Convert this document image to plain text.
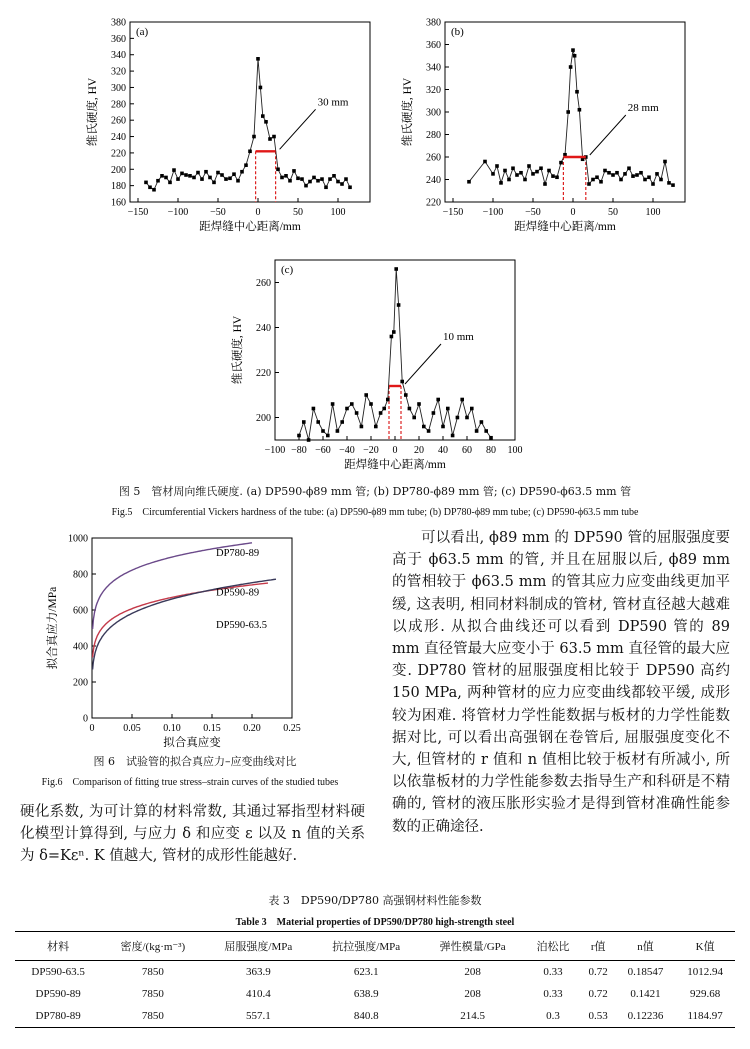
−150 −100 −50	0	50	100
160
180
200
220
240
260
280
300
320
340
360
380
距焊缝中心距离/mm
维氏硬度, HV
(a)
30 mm
−150 −100 −50	0	50	100
220
240
260
280
300
320
340
360
380
距焊缝中心距离/mm
维氏硬度, HV
(b)
28 mm
−100 −80 −60 −40 −20 0 20 40 60 80 100
200
220
240
260
距焊缝中心距离/mm
维氏硬度, HV
(c)
10 mm
图 5　管材周向维氏硬度. (a) DP590-ϕ89 mm 管; (b) DP780-ϕ89 mm 管; (c) DP590-ϕ63.5 mm 管
Fig.5　Circumferential Vickers hardness of the tube: (a) DP590-ϕ89 mm tube; (b) DP780-ϕ89 mm tube; (c) DP590-ϕ63.5 mm tube
0	0.05 0.10 0.15 0.20 0.25
0
200
400
600
800
1000
拟合真应变
拟合真应力/MPa
DP780-89
DP590-89
DP590-63.5
图 6　试验管的拟合真应力–应变曲线对比
Fig.6　Comparison of fitting true stress–strain curves of the studied tubes

可以看出, ϕ89 mm 的 DP590 管的屈服强度要高于 ϕ63.5 mm 的管, 并且在屈服以后, ϕ89 mm 的管相较于 ϕ63.5 mm 的管其应力应变曲线更加平缓, 这表明, 相同材料制成的管材, 管材直径越大越难以成形. 从拟合曲线还可以看到 DP590 管的 89 mm 直径管最大应变小于 63.5 mm 直径管的最大应变. DP780 管材的屈服强度相比较于 DP590 高约 150 MPa, 两种管材的应力应变曲线都较平缓, 成形较为困难. 将管材力学性能数据与板材的力学性能数据对比, 可以看出高强钢在卷管后, 屈服强度变化不大, 但管材的 r 值和 n 值相比较于板材有所减小, 所以依靠板材的力学性能参数去指导生产和科研是不精确的, 管材的液压胀形实验才是得到管材准确性能参数的正确途径.

硬化系数, 为可计算的材料常数, 其通过幂指型材料硬化模型计算得到, 与应力 δ 和应变 ε 以及 n 值的关系为 δ=Kεⁿ. K 值越大, 管材的成形性能越好.

表 3　DP590/DP780 高强钢材料性能参数
Table 3　Material properties of DP590/DP780 high-strength steel
材料	密度/(kg·m⁻³)	屈服强度/MPa	抗拉强度/MPa	弹性模量/GPa	泊松比	r值	n值	K值
DP590-63.5	7850	363.9	623.1	208	0.33	0.72	0.18547	1012.94
DP590-89	7850	410.4	638.9	208	0.33	0.72	0.1421	929.68
DP780-89	7850	557.1	840.8	214.5	0.3	0.53	0.12236	1184.97
